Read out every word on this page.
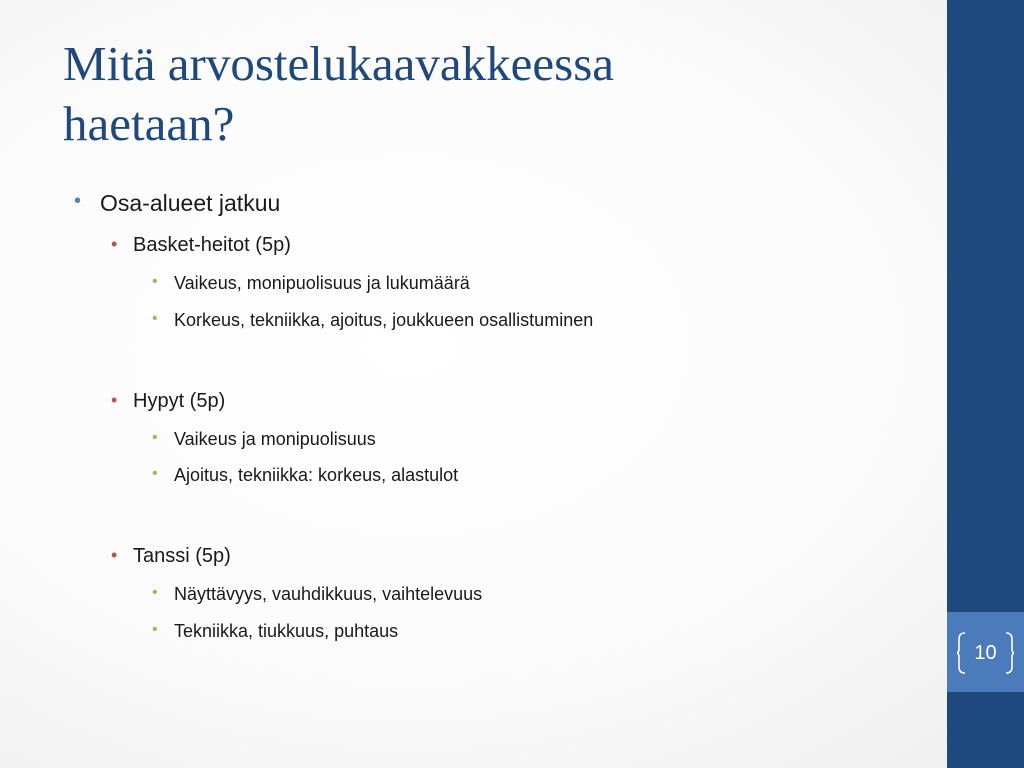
Mitä arvostelukaavakkeessa
haetaan?
• Osa-alueet jatkuu
• Basket-heitot (5p)
• Vaikeus, monipuolisuus ja lukumäärä
• Korkeus, tekniikka, ajoitus, joukkueen osallistuminen
• Hypyt (5p)
• Vaikeus ja monipuolisuus
• Ajoitus, tekniikka: korkeus, alastulot
• Tanssi (5p)
• Näyttävyys, vauhdikkuus, vaihtelevuus
• Tekniikka, tiukkuus, puhtaus
10
